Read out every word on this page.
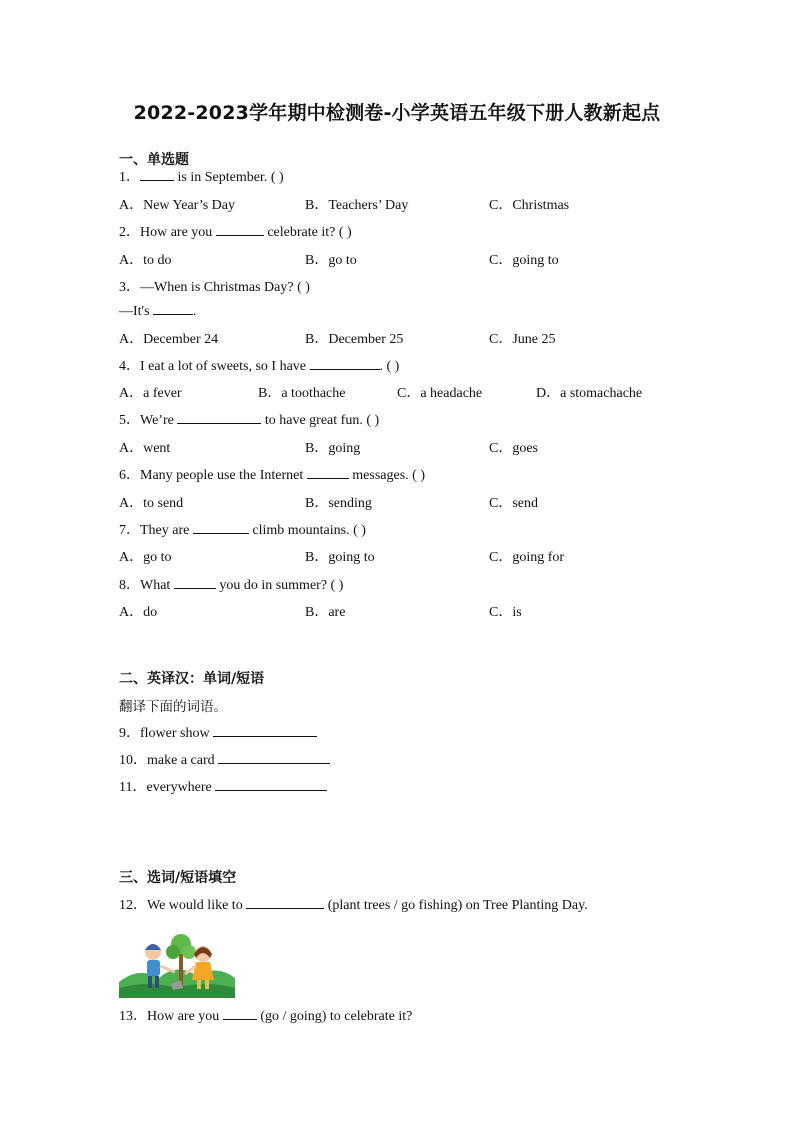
2022-2023学年期中检测卷-小学英语五年级下册人教新起点
一、单选题
1． is in September. ( )
A．New Year’s Day	B．Teachers’ Day	C．Christmas
2．How are you	celebrate it? ( )
A．to do	B．go to	C．going to
3．—When is Christmas Day? ( )
—It's	.
A．December 24	B．December 25	C．June 25
4．I eat a lot of sweets, so I have	. ( )
A．a fever	B．a toothache	C．a headache	D．a stomachache
5．We’re	to have great fun. ( )
A．went	B．going	C．goes
6．Many people use the Internet	messages. ( )
A．to send	B．sending	C．send
7．They are	climb mountains. ( )
A．go to	B．going to	C．going for
8．What	you do in summer? ( )
A．do	B．are	C．is
二、英译汉：单词/短语
翻译下面的词语。
9．flower show
10．make a card
11．everywhere
三、选词/短语填空
12．We would like to	(plant trees / go fishing) on Tree Planting Day.
13．How are you  (go / going) to celebrate it?
